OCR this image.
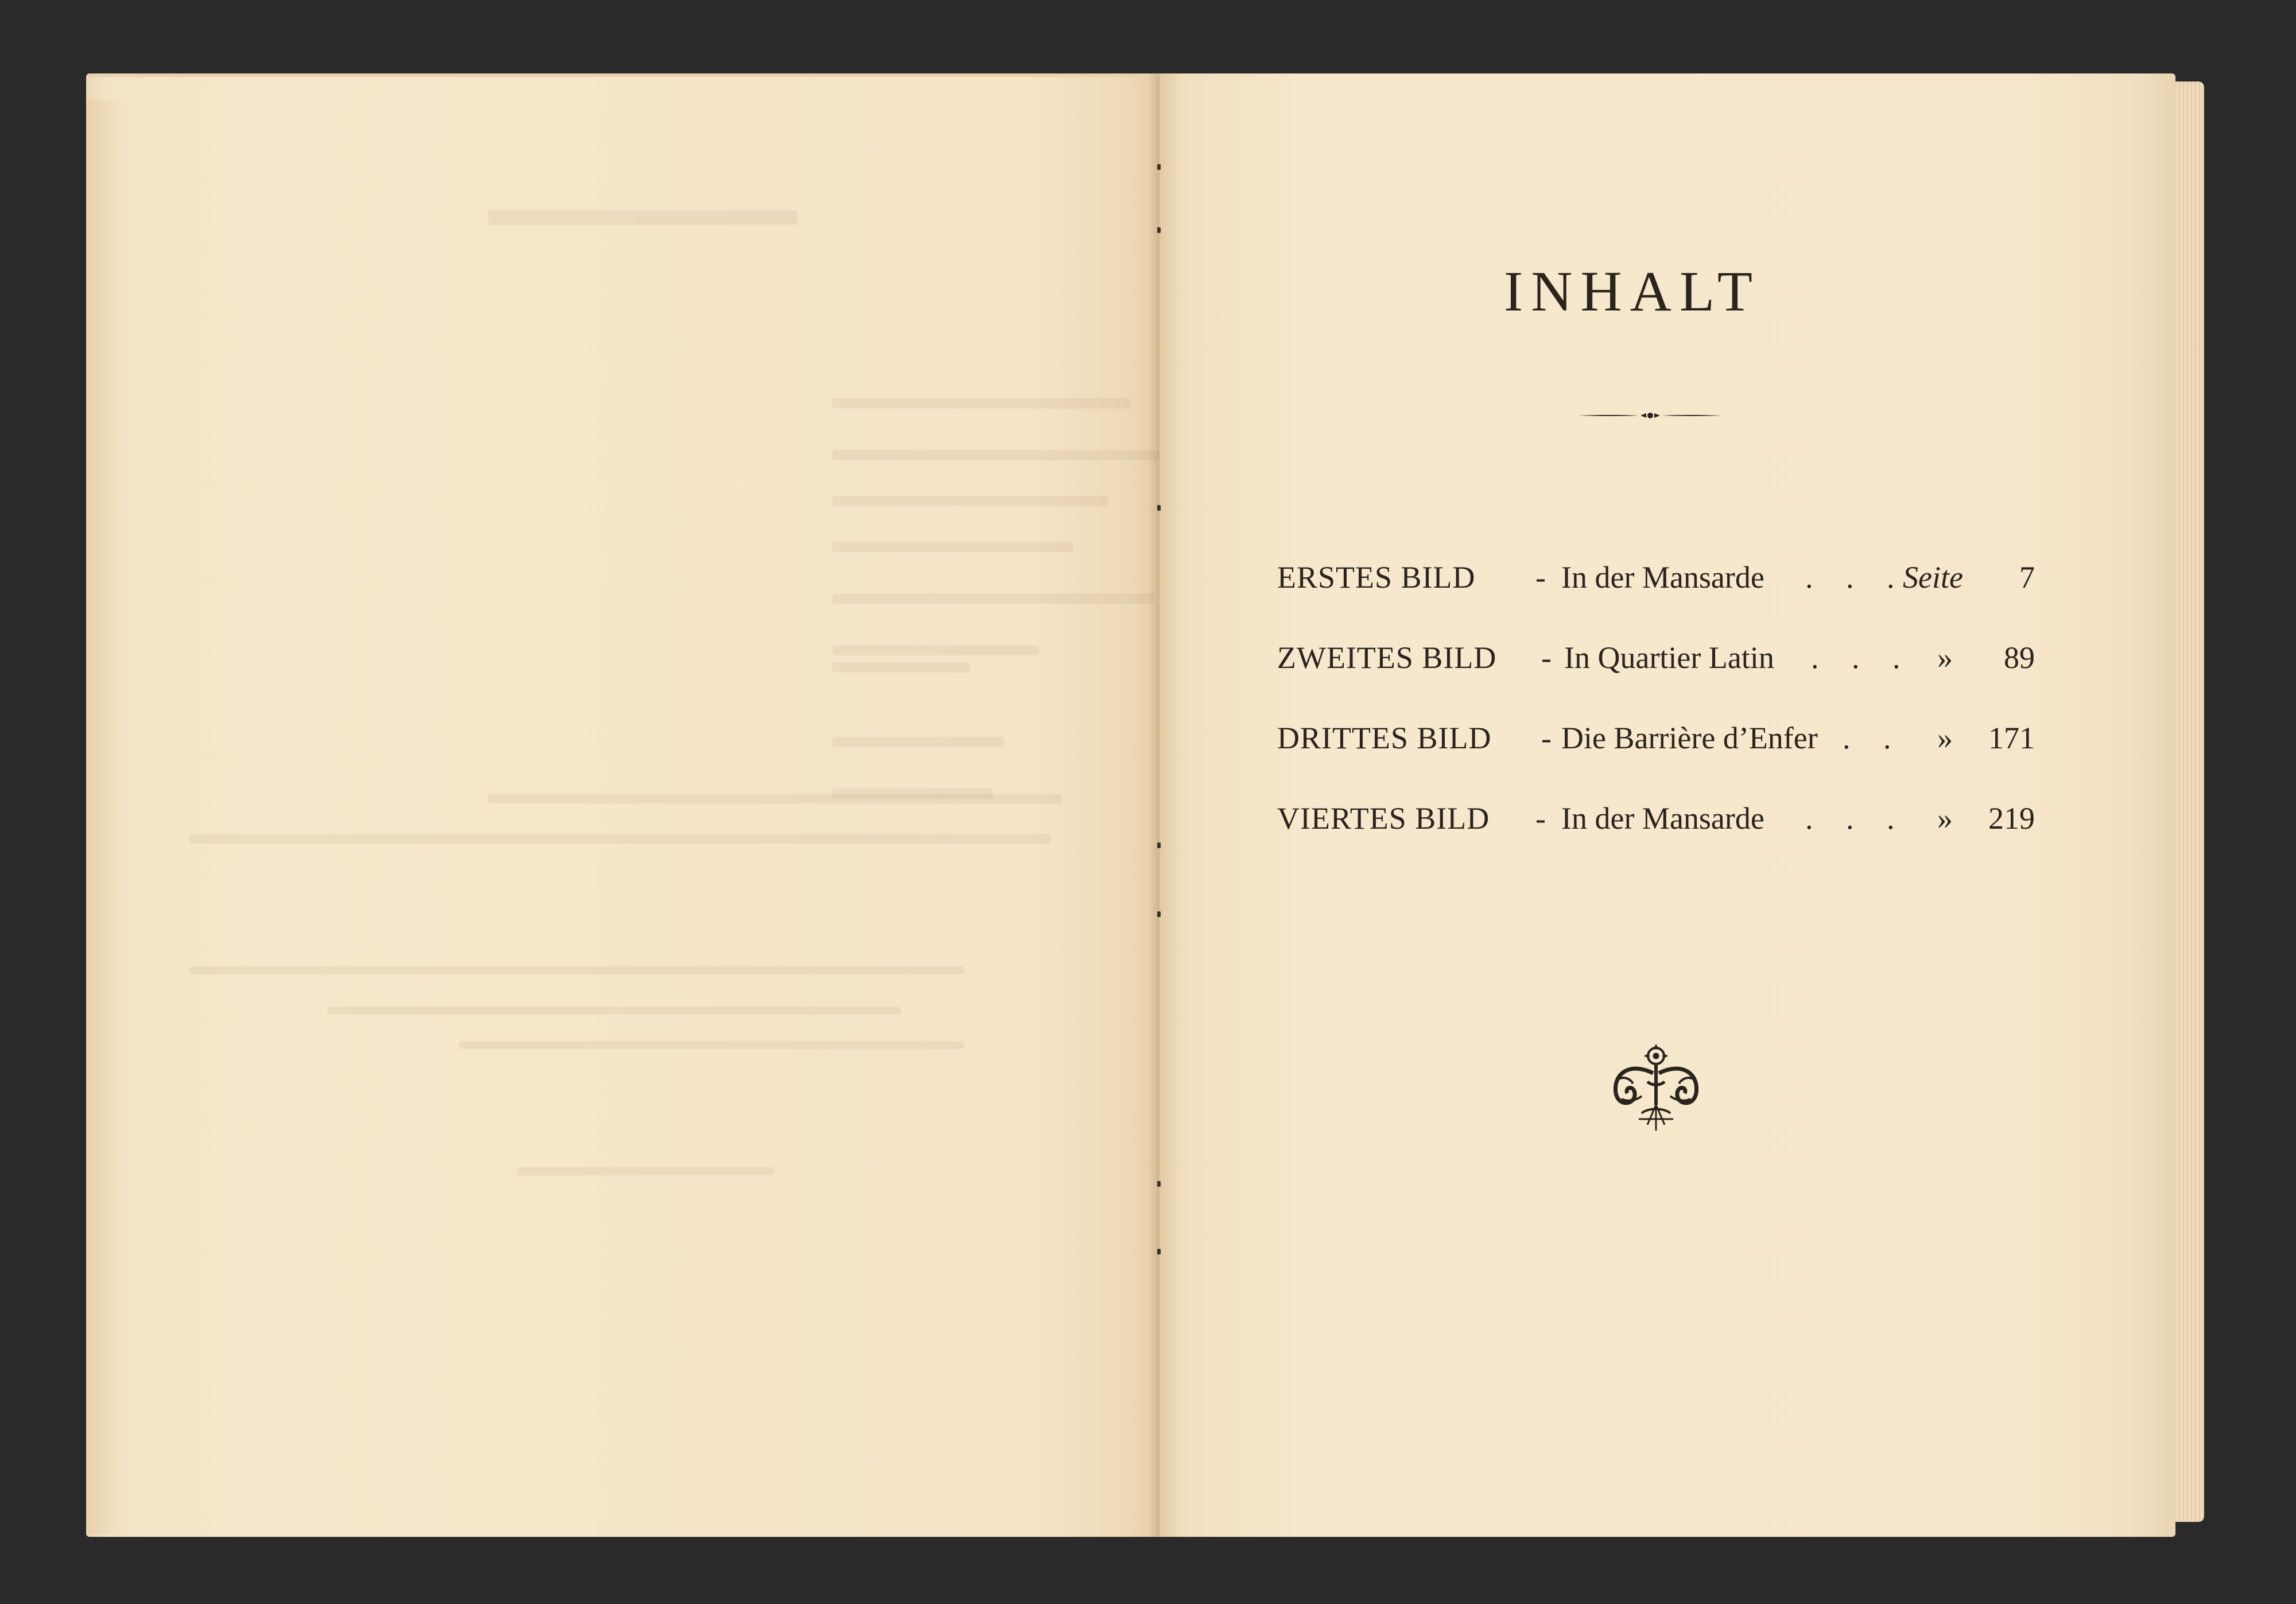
INHALT
ERSTES BILD - In der Mansarde . . .
Seite 7
ZWEITES BILD - In Quartier Latin . . . » 89
DRITTES BILD - Die Barrière d’Enfer . . » 171
VIERTES BILD - In der Mansarde . . . » 219
